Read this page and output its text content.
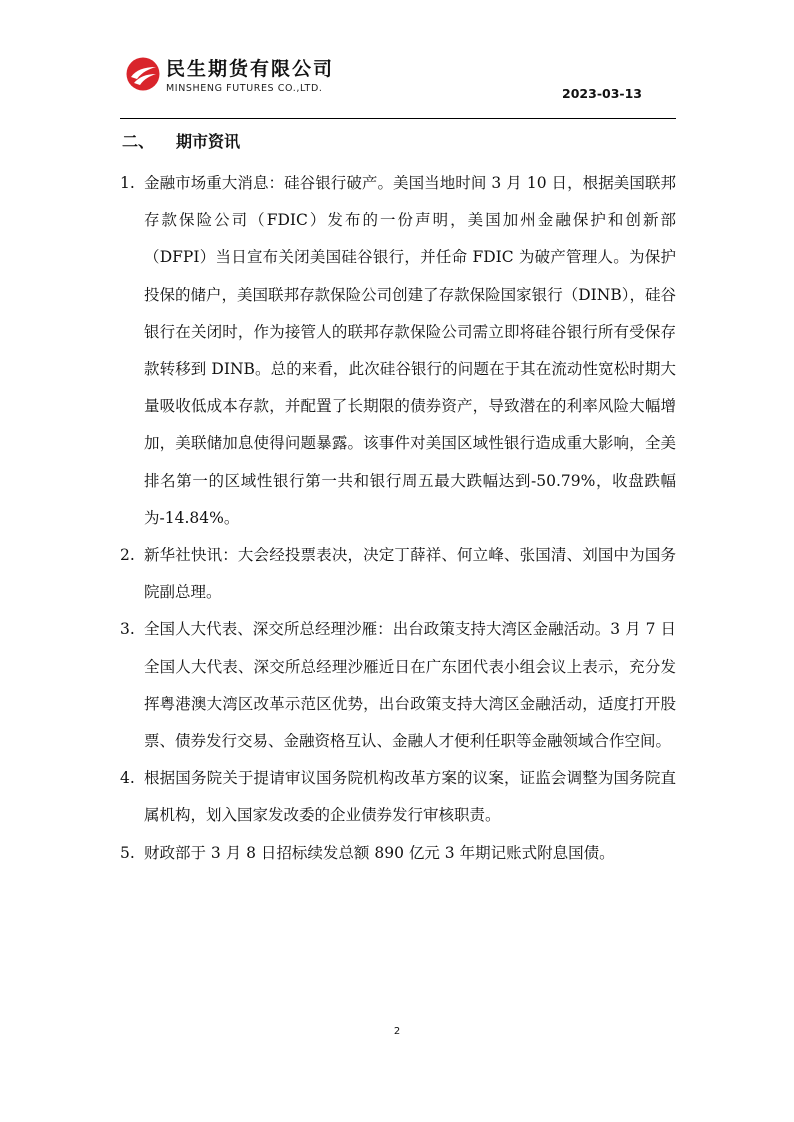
民生期货有限公司
MINSHENG FUTURES CO.,LTD.	2023-03-13
二、 期市资讯
1. 金融市场重大消息：硅谷银行破产。美国当地时间 3 月 10 日，根据美国联邦存款保险公司（FDIC）发布的一份声明，美国加州金融保护和创新部（DFPI）当日宣布关闭美国硅谷银行，并任命 FDIC 为破产管理人。为保护投保的储户，美国联邦存款保险公司创建了存款保险国家银行（DINB），硅谷银行在关闭时，作为接管人的联邦存款保险公司需立即将硅谷银行所有受保存款转移到 DINB。总的来看，此次硅谷银行的问题在于其在流动性宽松时期大量吸收低成本存款，并配置了长期限的债券资产，导致潜在的利率风险大幅增加，美联储加息使得问题暴露。该事件对美国区域性银行造成重大影响，全美排名第一的区域性银行第一共和银行周五最大跌幅达到-50.79%，收盘跌幅为-14.84%。
2. 新华社快讯：大会经投票表决，决定丁薛祥、何立峰、张国清、刘国中为国务院副总理。
3. 全国人大代表、深交所总经理沙雁：出台政策支持大湾区金融活动。3 月 7 日全国人大代表、深交所总经理沙雁近日在广东团代表小组会议上表示，充分发挥粤港澳大湾区改革示范区优势，出台政策支持大湾区金融活动，适度打开股票、债券发行交易、金融资格互认、金融人才便利任职等金融领域合作空间。
4. 根据国务院关于提请审议国务院机构改革方案的议案，证监会调整为国务院直属机构，划入国家发改委的企业债券发行审核职责。
5. 财政部于 3 月 8 日招标续发总额 890 亿元 3 年期记账式附息国债。
2
